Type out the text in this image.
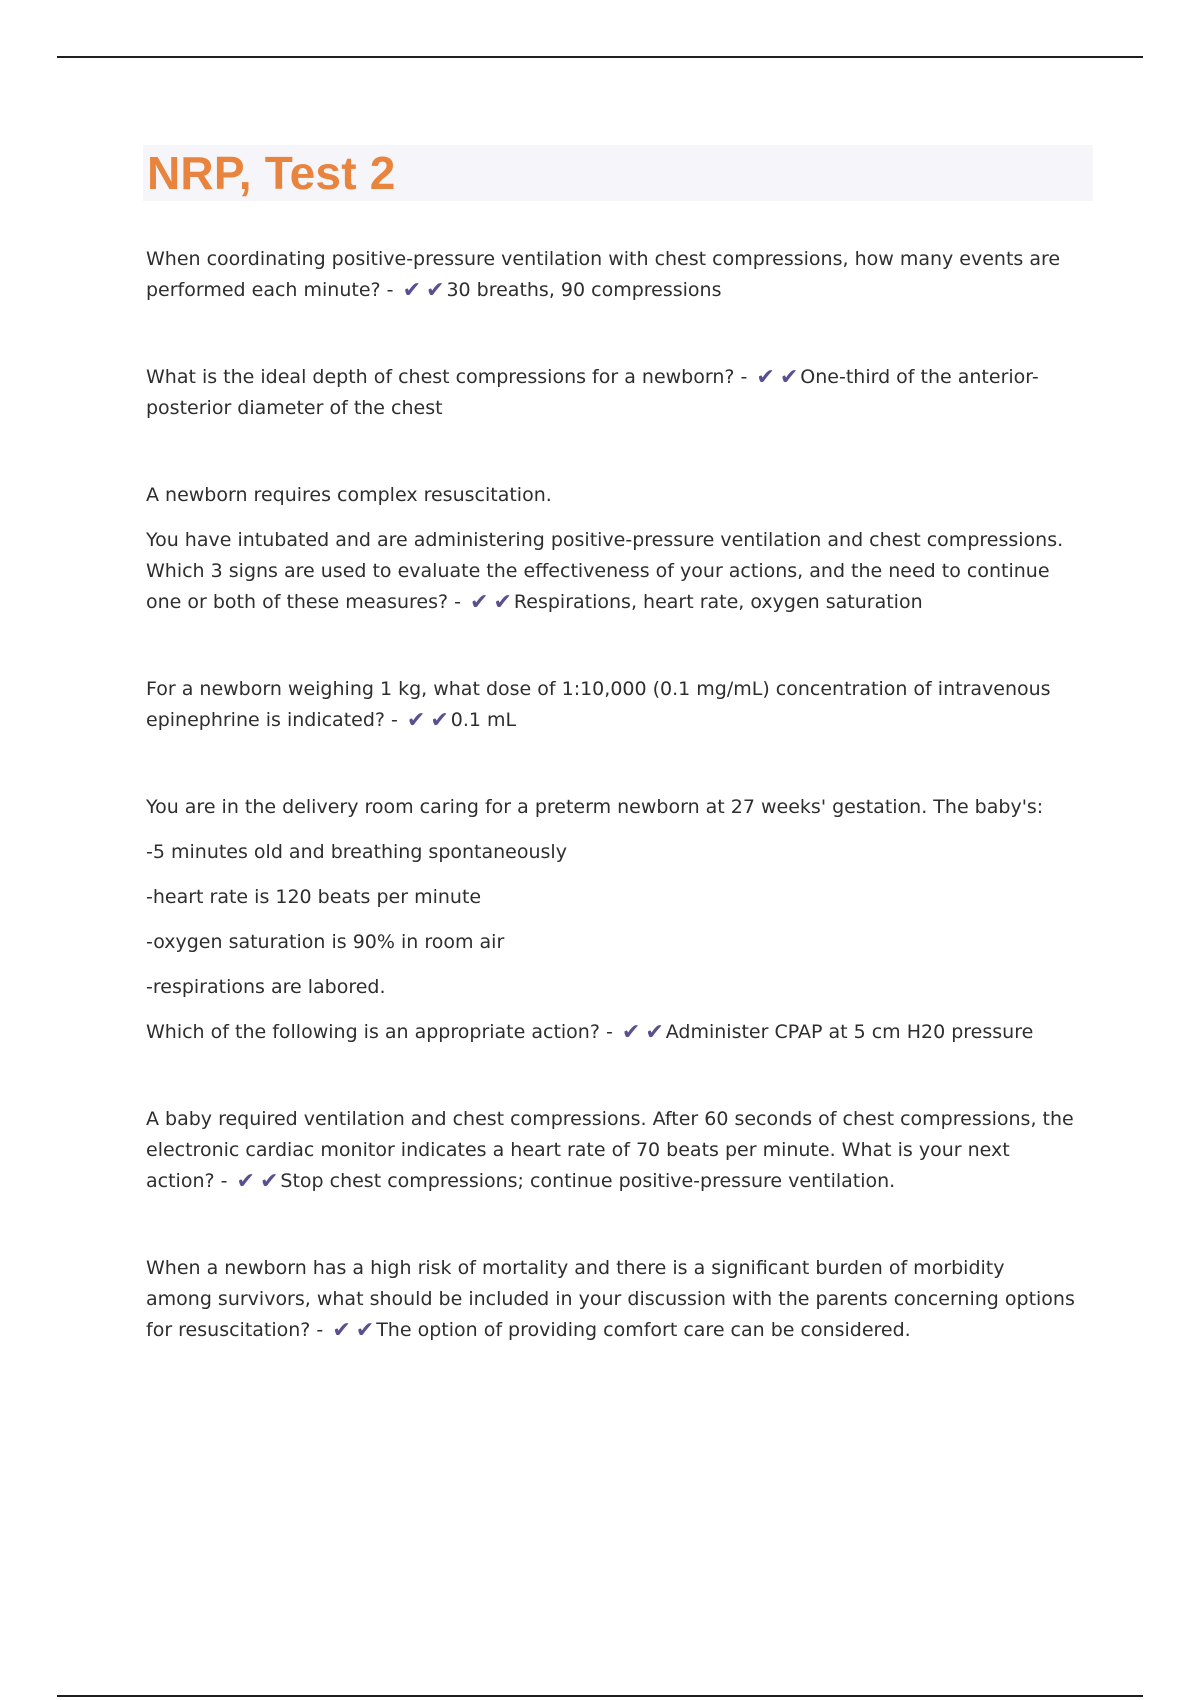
NRP, Test 2

When coordinating positive-pressure ventilation with chest compressions, how many events are performed each minute? - ✔ ✔ 30 breaths, 90 compressions

What is the ideal depth of chest compressions for a newborn? - ✔ ✔ One-third of the anterior-posterior diameter of the chest

A newborn requires complex resuscitation.

You have intubated and are administering positive-pressure ventilation and chest compressions. Which 3 signs are used to evaluate the effectiveness of your actions, and the need to continue one or both of these measures? - ✔ ✔ Respirations, heart rate, oxygen saturation

For a newborn weighing 1 kg, what dose of 1:10,000 (0.1 mg/mL) concentration of intravenous epinephrine is indicated? - ✔ ✔ 0.1 mL

You are in the delivery room caring for a preterm newborn at 27 weeks' gestation. The baby's:

-5 minutes old and breathing spontaneously

-heart rate is 120 beats per minute

-oxygen saturation is 90% in room air

-respirations are labored.

Which of the following is an appropriate action? - ✔ ✔ Administer CPAP at 5 cm H20 pressure

A baby required ventilation and chest compressions. After 60 seconds of chest compressions, the electronic cardiac monitor indicates a heart rate of 70 beats per minute. What is your next action? - ✔ ✔ Stop chest compressions; continue positive-pressure ventilation.

When a newborn has a high risk of mortality and there is a significant burden of morbidity among survivors, what should be included in your discussion with the parents concerning options for resuscitation? - ✔ ✔ The option of providing comfort care can be considered.
